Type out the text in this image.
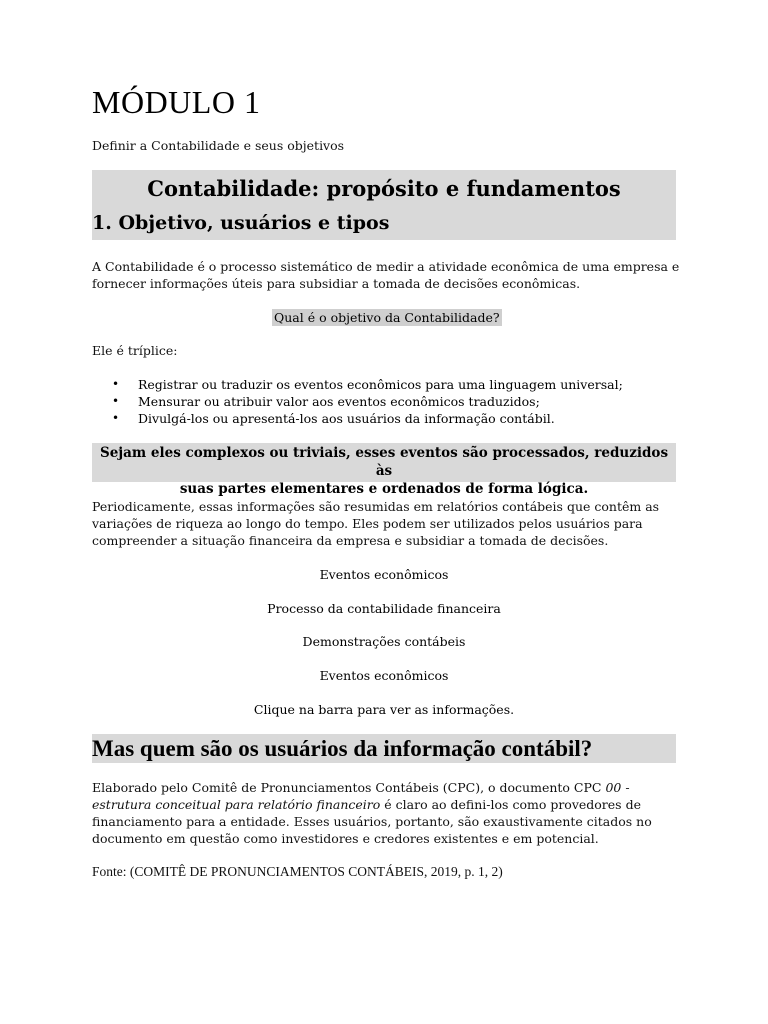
MÓDULO 1
Definir a Contabilidade e seus objetivos
Contabilidade: propósito e fundamentos
1. Objetivo, usuários e tipos
A Contabilidade é o processo sistemático de medir a atividade econômica de uma empresa e
fornecer informações úteis para subsidiar a tomada de decisões econômicas.
Qual é o objetivo da Contabilidade?
Ele é tríplice:
• Registrar ou traduzir os eventos econômicos para uma linguagem universal;
• Mensurar ou atribuir valor aos eventos econômicos traduzidos;
• Divulgá-los ou apresentá-los aos usuários da informação contábil.
Sejam eles complexos ou triviais, esses eventos são processados, reduzidos às
suas partes elementares e ordenados de forma lógica.
Periodicamente, essas informações são resumidas em relatórios contábeis que contêm as
variações de riqueza ao longo do tempo. Eles podem ser utilizados pelos usuários para
compreender a situação financeira da empresa e subsidiar a tomada de decisões.
Eventos econômicos
Processo da contabilidade financeira
Demonstrações contábeis
Eventos econômicos
Clique na barra para ver as informações.
Mas quem são os usuários da informação contábil?
Elaborado pelo Comitê de Pronunciamentos Contábeis (CPC), o documento CPC 00 -
estrutura conceitual para relatório financeiro é claro ao defini-los como provedores de
financiamento para a entidade. Esses usuários, portanto, são exaustivamente citados no
documento em questão como investidores e credores existentes e em potencial.
Fonte: (COMITÊ DE PRONUNCIAMENTOS CONTÁBEIS, 2019, p. 1, 2)
